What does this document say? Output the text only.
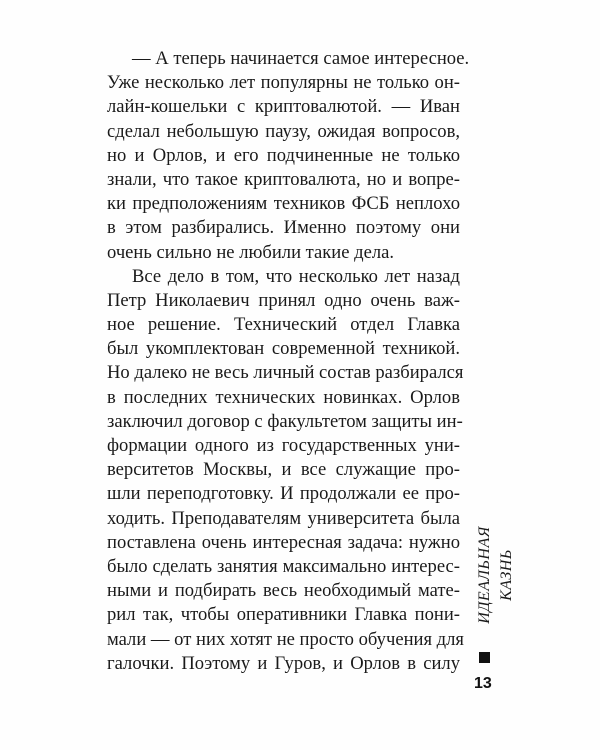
— А теперь начинается самое интересное.
Уже несколько лет популярны не только он-
лайн-кошельки с криптовалютой. — Иван
сделал небольшую паузу, ожидая вопросов,
но и Орлов, и его подчиненные не только
знали, что такое криптовалюта, но и вопре-
ки предположениям техников ФСБ неплохо
в этом разбирались. Именно поэтому они
очень сильно не любили такие дела.
Все дело в том, что несколько лет назад
Петр Николаевич принял одно очень важ-
ное решение. Технический отдел Главка
был укомплектован современной техникой.
Но далеко не весь личный состав разбирался
в последних технических новинках. Орлов
заключил договор с факультетом защиты ин-
формации одного из государственных уни-
верситетов Москвы, и все служащие про-
шли переподготовку. И продолжали ее про-
ходить. Преподавателям университета была
поставлена очень интересная задача: нужно
было сделать занятия максимально интерес-
ными и подбирать весь необходимый мате-
рил так, чтобы оперативники Главка пони-
мали — от них хотят не просто обучения для
галочки. Поэтому и Гуров, и Орлов в силу
ИДЕАЛЬНАЯ КАЗНЬ
13
